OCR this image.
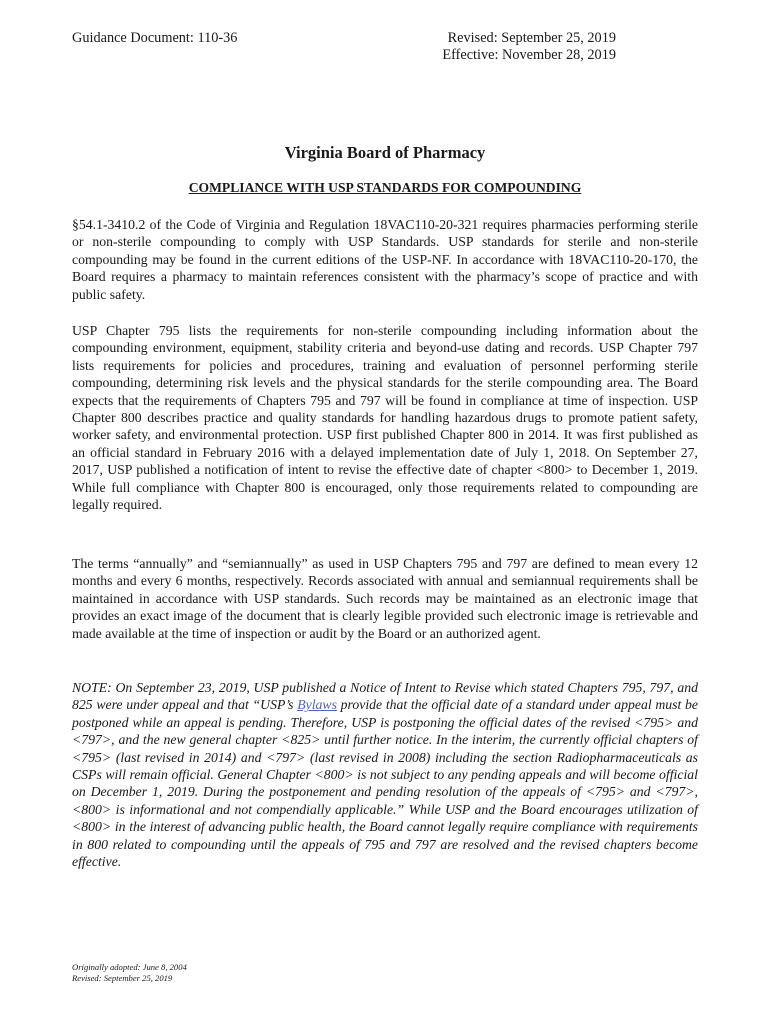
Guidance Document: 110-36	Revised: September 25, 2019
Effective: November 28, 2019
Virginia Board of Pharmacy
COMPLIANCE WITH USP STANDARDS FOR COMPOUNDING

§54.1-3410.2 of the Code of Virginia and Regulation 18VAC110-20-321 requires pharmacies performing sterile or non-sterile compounding to comply with USP Standards. USP standards for sterile and non-sterile compounding may be found in the current editions of the USP-NF. In accordance with 18VAC110-20-170, the Board requires a pharmacy to maintain references consistent with the pharmacy’s scope of practice and with public safety.

USP Chapter 795 lists the requirements for non-sterile compounding including information about the compounding environment, equipment, stability criteria and beyond-use dating and records. USP Chapter 797 lists requirements for policies and procedures, training and evaluation of personnel performing sterile compounding, determining risk levels and the physical standards for the sterile compounding area. The Board expects that the requirements of Chapters 795 and 797 will be found in compliance at time of inspection. USP Chapter 800 describes practice and quality standards for handling hazardous drugs to promote patient safety, worker safety, and environmental protection. USP first published Chapter 800 in 2014. It was first published as an official standard in February 2016 with a delayed implementation date of July 1, 2018. On September 27, 2017, USP published a notification of intent to revise the effective date of chapter <800> to December 1, 2019. While full compliance with Chapter 800 is encouraged, only those requirements related to compounding are legally required.

The terms “annually” and “semiannually” as used in USP Chapters 795 and 797 are defined to mean every 12 months and every 6 months, respectively. Records associated with annual and semiannual requirements shall be maintained in accordance with USP standards. Such records may be maintained as an electronic image that provides an exact image of the document that is clearly legible provided such electronic image is retrievable and made available at the time of inspection or audit by the Board or an authorized agent.

NOTE: On September 23, 2019, USP published a Notice of Intent to Revise which stated Chapters 795, 797, and 825 were under appeal and that “USP’s Bylaws provide that the official date of a standard under appeal must be postponed while an appeal is pending. Therefore, USP is postponing the official dates of the revised <795> and <797>, and the new general chapter <825> until further notice. In the interim, the currently official chapters of <795> (last revised in 2014) and <797> (last revised in 2008) including the section Radiopharmaceuticals as CSPs will remain official. General Chapter <800> is not subject to any pending appeals and will become official on December 1, 2019. During the postponement and pending resolution of the appeals of <795> and <797>, <800> is informational and not compendially applicable.” While USP and the Board encourages utilization of <800> in the interest of advancing public health, the Board cannot legally require compliance with requirements in 800 related to compounding until the appeals of 795 and 797 are resolved and the revised chapters become effective.

Originally adopted: June 8, 2004
Revised: September 25, 2019
